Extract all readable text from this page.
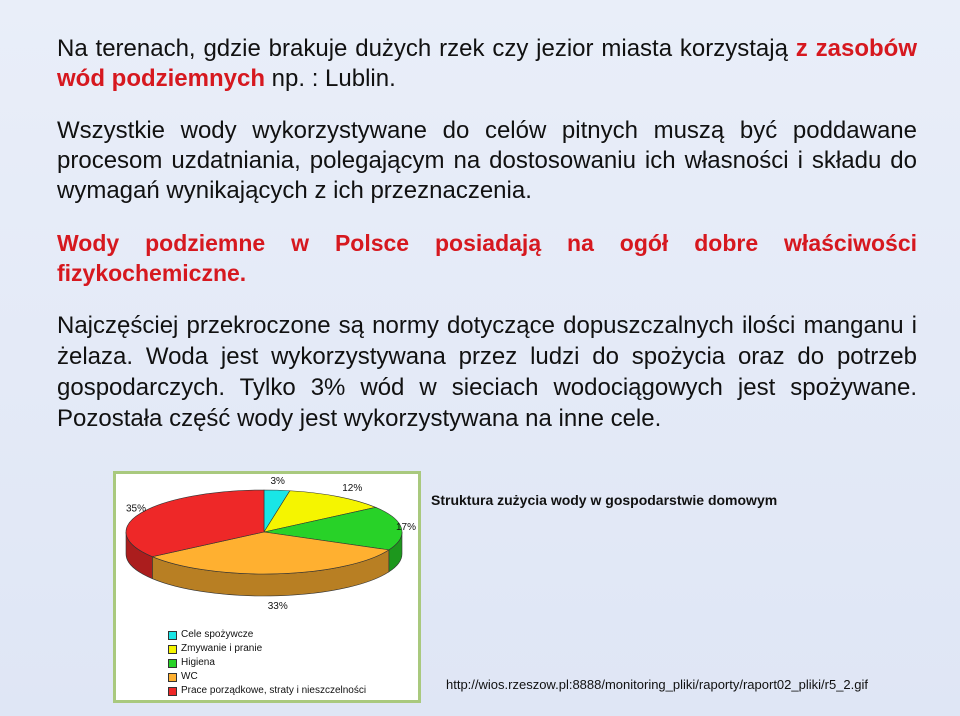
Na terenach, gdzie brakuje dużych rzek czy jezior miasta korzystają z zasobów wód podziemnych np. : Lublin.

Wszystkie wody wykorzystywane do celów pitnych muszą być poddawane procesom uzdatniania, polegającym na dostosowaniu ich własności i składu do wymagań wynikających z ich przeznaczenia.

Wody podziemne w Polsce posiadają na ogół dobre właściwości fizykochemiczne.

Najczęściej przekroczone są normy dotyczące dopuszczalnych ilości manganu i żelaza. Woda jest wykorzystywana przez ludzi do spożycia oraz do potrzeb gospodarczych. Tylko 3% wód w sieciach wodociągowych jest spożywane. Pozostała część wody jest wykorzystywana na inne cele.

3%
12%
17%
33%
35%
Cele spożywcze
Zmywanie i pranie
Higiena
WC
Prace porządkowe, straty i nieszczelności
Struktura zużycia wody w gospodarstwie domowym
http://wios.rzeszow.pl:8888/monitoring_pliki/raporty/raport02_pliki/r5_2.gif
